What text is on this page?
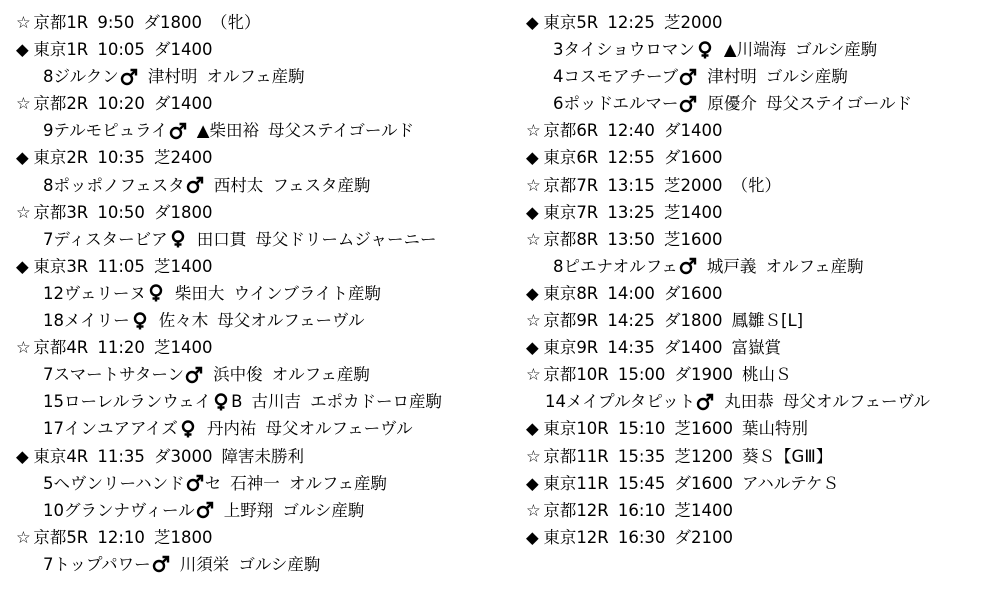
☆ 京都1R 9:50 ダ1800 （牝）
◆ 東京1R 10:05 ダ1400
8ジルクン 津村明 オルフェ産駒
☆ 京都2R 10:20 ダ1400
9テルモピュライ ▲柴田裕 母父ステイゴールド
◆ 東京2R 10:35 芝2400
8ポッポノフェスタ 西村太 フェスタ産駒
☆ 京都3R 10:50 ダ1800
7ディスタービア 田口貫 母父ドリームジャーニー
◆ 東京3R 11:05 芝1400
12ヴェリーヌ 柴田大 ウインブライト産駒
18メイリー 佐々木 母父オルフェーヴル
☆ 京都4R 11:20 芝1400
7スマートサターン 浜中俊 オルフェ産駒
15ローレルランウェイ B 古川吉 エポカドーロ産駒
17インユアアイズ 丹内祐 母父オルフェーヴル
◆ 東京4R 11:35 ダ3000 障害未勝利
5ヘヴンリーハンド セ 石神一 オルフェ産駒
10グランナヴィール 上野翔 ゴルシ産駒
☆ 京都5R 12:10 芝1800
7トップパワー 川須栄 ゴルシ産駒
◆ 東京5R 12:25 芝2000
3タイショウロマン ▲川端海 ゴルシ産駒
4コスモアチーブ 津村明 ゴルシ産駒
6ポッドエルマー 原優介 母父ステイゴールド
☆ 京都6R 12:40 ダ1400
◆ 東京6R 12:55 ダ1600
☆ 京都7R 13:15 芝2000 （牝）
◆ 東京7R 13:25 芝1400
☆ 京都8R 13:50 芝1600
8ピエナオルフェ 城戸義 オルフェ産駒
◆ 東京8R 14:00 ダ1600
☆ 京都9R 14:25 ダ1800 鳳雛Ｓ[L]
◆ 東京9R 14:35 ダ1400 富嶽賞
☆ 京都10R 15:00 ダ1900 桃山Ｓ
14メイプルタピット 丸田恭 母父オルフェーヴル
◆ 東京10R 15:10 芝1600 葉山特別
☆ 京都11R 15:35 芝1200 葵Ｓ【GⅢ】
◆ 東京11R 15:45 ダ1600 アハルテケＳ
☆ 京都12R 16:10 芝1400
◆ 東京12R 16:30 ダ2100
